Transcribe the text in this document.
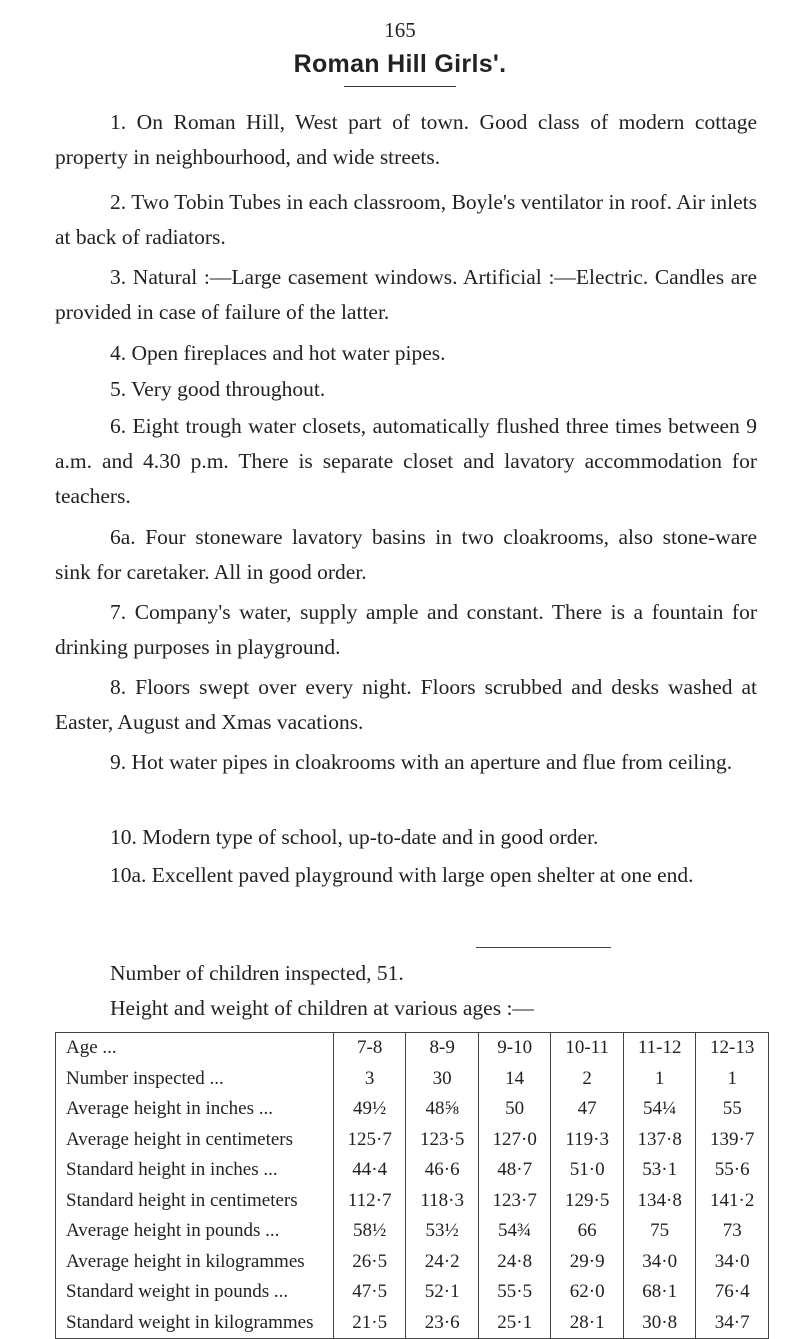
165
Roman Hill Girls'.

1. On Roman Hill, West part of town. Good class of modern cottage property in neighbourhood, and wide streets.

2. Two Tobin Tubes in each classroom, Boyle's ventilator in roof. Air inlets at back of radiators.

3. Natural :—Large casement windows. Artificial :—Electric. Candles are provided in case of failure of the latter.

4. Open fireplaces and hot water pipes.

5. Very good throughout.

6. Eight trough water closets, automatically flushed three times between 9 a.m. and 4.30 p.m. There is separate closet and lavatory accommodation for teachers.

6a. Four stoneware lavatory basins in two cloakrooms, also stone-ware sink for caretaker. All in good order.

7. Company's water, supply ample and constant. There is a fountain for drinking purposes in playground.

8. Floors swept over every night. Floors scrubbed and desks washed at Easter, August and Xmas vacations.

9. Hot water pipes in cloakrooms with an aperture and flue from ceiling.

10. Modern type of school, up-to-date and in good order.

10a. Excellent paved playground with large open shelter at one end.

Number of children inspected, 51.
Height and weight of children at various ages :—
Age ...	7-8	8-9	9-10	10-11	11-12	12-13
Number inspected ...	3	30	14	2	1	1
Average height in inches ...	49½	48⅝	50	47	54¼	55
Average height in centimeters	125·7	123·5	127·0	119·3	137·8	139·7
Standard height in inches ...	44·4	46·6	48·7	51·0	53·1	55·6
Standard height in centimeters	112·7	118·3	123·7	129·5	134·8	141·2
Average height in pounds ...	58½	53½	54¾	66	75	73
Average height in kilogrammes	26·5	24·2	24·8	29·9	34·0	34·0
Standard weight in pounds ...	47·5	52·1	55·5	62·0	68·1	76·4
Standard weight in kilogrammes	21·5	23·6	25·1	28·1	30·8	34·7
